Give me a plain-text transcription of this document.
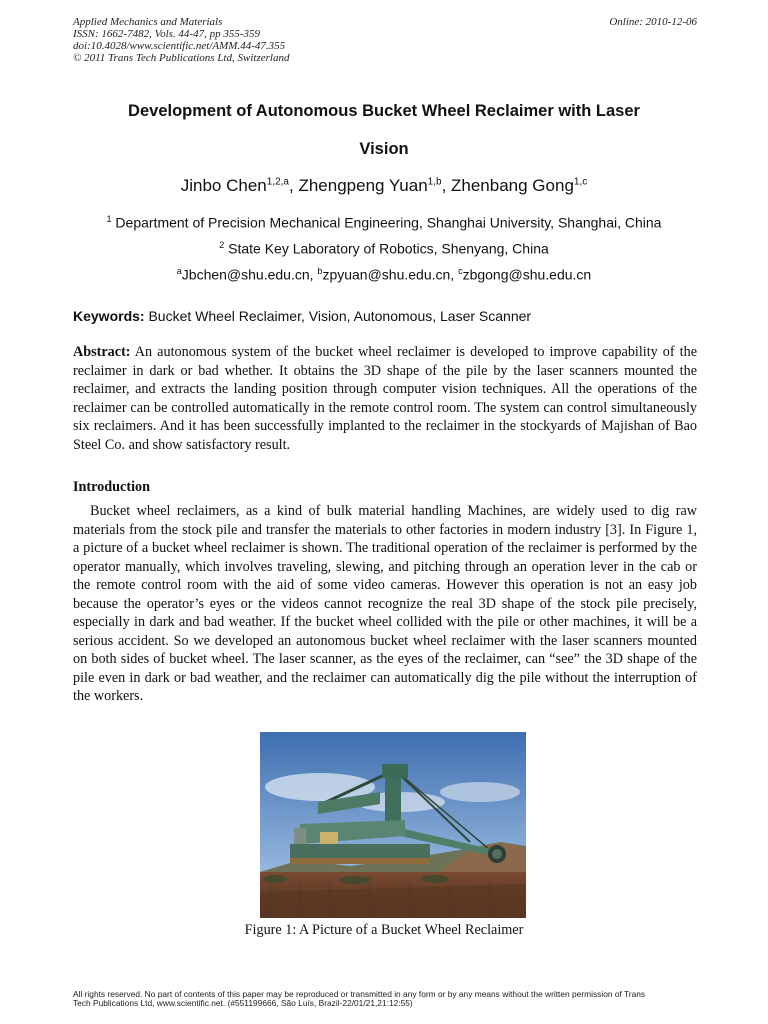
Applied Mechanics and Materials
ISSN: 1662-7482, Vols. 44-47, pp 355-359
doi:10.4028/www.scientific.net/AMM.44-47.355
© 2011 Trans Tech Publications Ltd, Switzerland
Online: 2010-12-06
Development of Autonomous Bucket Wheel Reclaimer with Laser
Vision
Jinbo Chen$^{1,2,a}$, Zhengpeng Yuan$^{1,b}$, Zhenbang Gong$^{1,c}$
$^1$ Department of Precision Mechanical Engineering, Shanghai University, Shanghai, China
$^2$ State Key Laboratory of Robotics, Shenyang, China
$^a$Jbchen@shu.edu.cn, $^b$zpyuan@shu.edu.cn, $^c$zbgong@shu.edu.cn
Keywords: Bucket Wheel Reclaimer, Vision, Autonomous, Laser Scanner
Abstract: An autonomous system of the bucket wheel reclaimer is developed to improve capability of the reclaimer in dark or bad whether. It obtains the 3D shape of the pile by the laser scanners mounted the reclaimer, and extracts the landing position through computer vision techniques. All the operations of the reclaimer can be controlled automatically in the remote control room. The system can control simultaneously six reclaimers. And it has been successfully implanted to the reclaimer in the stockyards of Majishan of Bao Steel Co. and show satisfactory result.
Introduction
Bucket wheel reclaimers, as a kind of bulk material handling Machines, are widely used to dig raw materials from the stock pile and transfer the materials to other factories in modern industry [3]. In Figure 1, a picture of a bucket wheel reclaimer is shown. The traditional operation of the reclaimer is performed by the operator manually, which involves traveling, slewing, and pitching through an operation lever in the cab or the remote control room with the aid of some video cameras. However this operation is not an easy job because the operator’s eyes or the videos cannot recognize the real 3D shape of the stock pile precisely, especially in dark and bad weather. If the bucket wheel collided with the pile or other machines, it will be a serious accident. So we developed an autonomous bucket wheel reclaimer with the laser scanners mounted on both sides of bucket wheel. The laser scanner, as the eyes of the reclaimer, can “see” the 3D shape of the pile even in dark or bad weather, and the reclaimer can automatically dig the pile without the interruption of the workers.
Figure 1: A Picture of a Bucket Wheel Reclaimer
All rights reserved. No part of contents of this paper may be reproduced or transmitted in any form or by any means without the written permission of Trans
Tech Publications Ltd, www.scientific.net. (#551199666, São Luís, Brazil-22/01/21,21:12:55)
